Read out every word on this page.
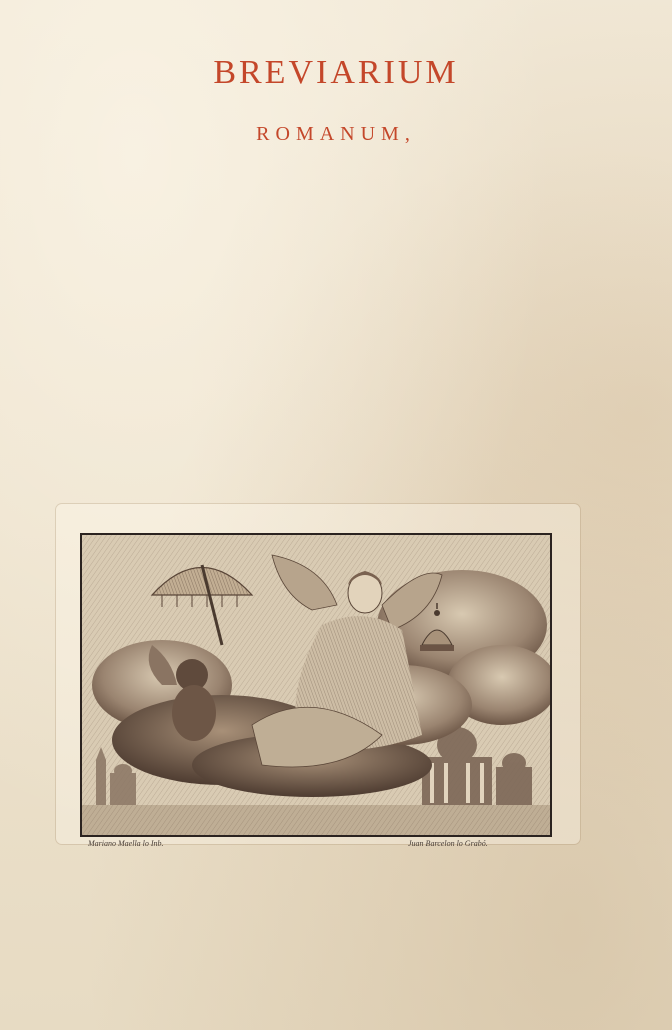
BREVIARIUM
ROMANUM,
Mariano Maella lo Inb.	Juan Barcelon lo Grabó.
